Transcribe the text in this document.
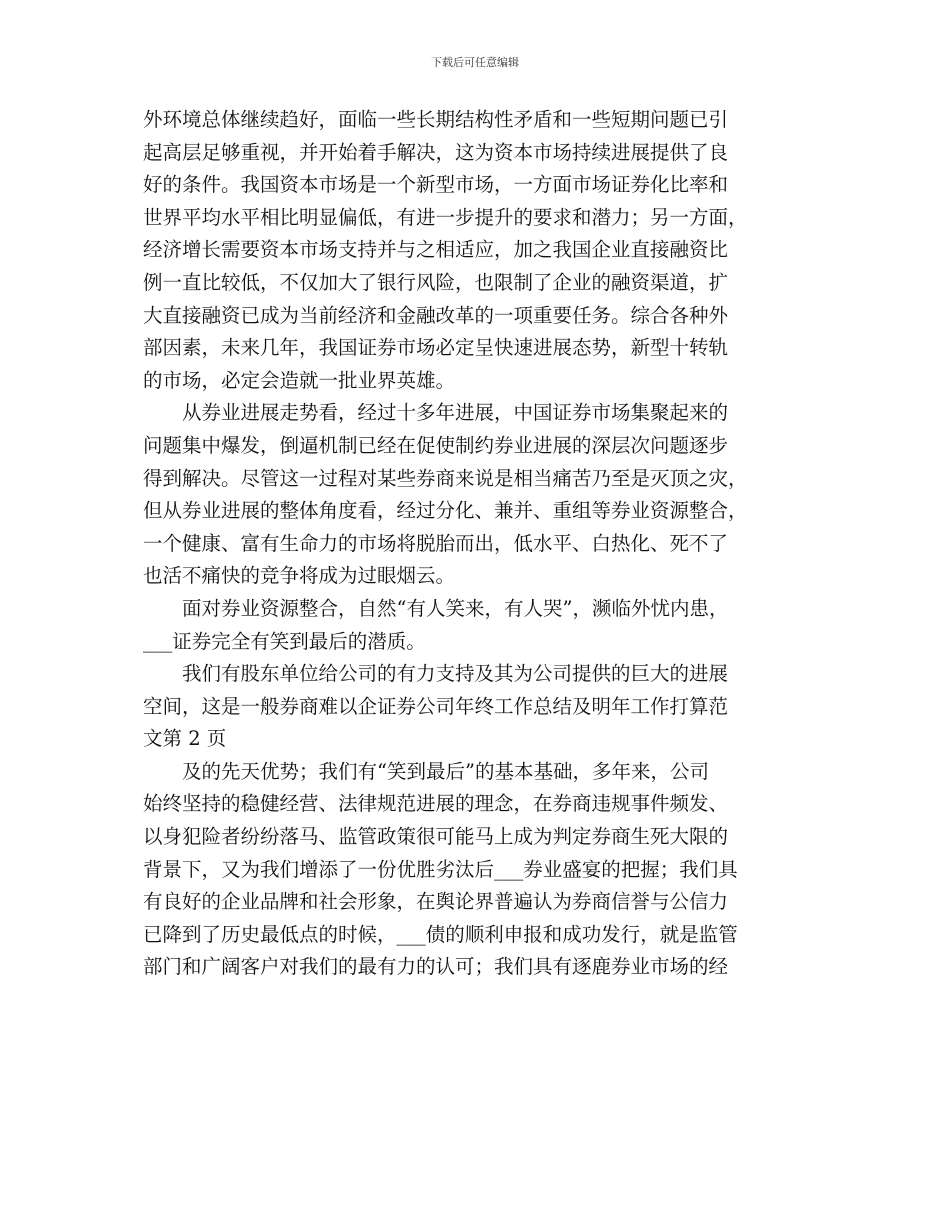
下载后可任意编辑
外环境总体继续趋好，面临一些长期结构性矛盾和一些短期问题已引
起高层足够重视，并开始着手解决，这为资本市场持续进展提供了良
好的条件。我国资本市场是一个新型市场，一方面市场证券化比率和
世界平均水平相比明显偏低，有进一步提升的要求和潜力；另一方面，
经济增长需要资本市场支持并与之相适应，加之我国企业直接融资比
例一直比较低，不仅加大了银行风险，也限制了企业的融资渠道，扩
大直接融资已成为当前经济和金融改革的一项重要任务。综合各种外
部因素，未来几年，我国证券市场必定呈快速进展态势，新型十转轨
的市场，必定会造就一批业界英雄。
　　从券业进展走势看，经过十多年进展，中国证券市场集聚起来的
问题集中爆发，倒逼机制已经在促使制约券业进展的深层次问题逐步
得到解决。尽管这一过程对某些券商来说是相当痛苦乃至是灭顶之灾，
但从券业进展的整体角度看，经过分化、兼并、重组等券业资源整合，
一个健康、富有生命力的市场将脱胎而出，低水平、白热化、死不了
也活不痛快的竞争将成为过眼烟云。
　　面对券业资源整合，自然“有人笑来，有人哭”，濒临外忧内患，
___证券完全有笑到最后的潜质。
　　我们有股东单位给公司的有力支持及其为公司提供的巨大的进展
空间，这是一般券商难以企证券公司年终工作总结及明年工作打算范
文第 2 页
　　及的先天优势；我们有“笑到最后”的基本基础，多年来，公司
始终坚持的稳健经营、法律规范进展的理念，在券商违规事件频发、
以身犯险者纷纷落马、监管政策很可能马上成为判定券商生死大限的
背景下，又为我们增添了一份优胜劣汰后___券业盛宴的把握；我们具
有良好的企业品牌和社会形象，在舆论界普遍认为券商信誉与公信力
已降到了历史最低点的时候，___债的顺利申报和成功发行，就是监管
部门和广阔客户对我们的最有力的认可；我们具有逐鹿券业市场的经
